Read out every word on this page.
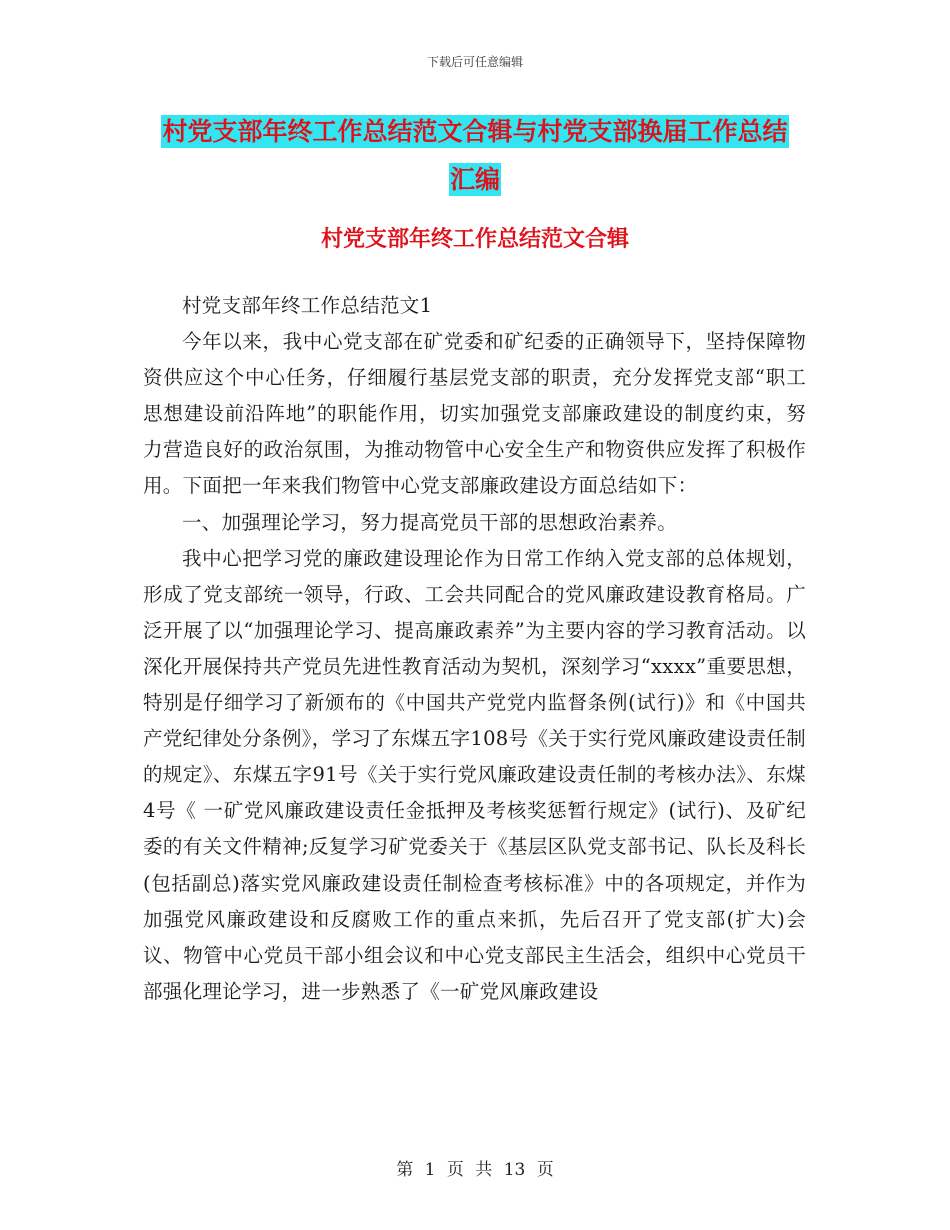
下载后可任意编辑
村党支部年终工作总结范文合辑与村党支部换届工作总结汇编
村党支部年终工作总结范文合辑

村党支部年终工作总结范文1

今年以来，我中心党支部在矿党委和矿纪委的正确领导下，坚持保障物资供应这个中心任务，仔细履行基层党支部的职责，充分发挥党支部“职工思想建设前沿阵地”的职能作用，切实加强党支部廉政建设的制度约束，努力营造良好的政治氛围，为推动物管中心安全生产和物资供应发挥了积极作用。下面把一年来我们物管中心党支部廉政建设方面总结如下：

一、加强理论学习，努力提高党员干部的思想政治素养。

我中心把学习党的廉政建设理论作为日常工作纳入党支部的总体规划，形成了党支部统一领导，行政、工会共同配合的党风廉政建设教育格局。广泛开展了以“加强理论学习、提高廉政素养”为主要内容的学习教育活动。以深化开展保持共产党员先进性教育活动为契机，深刻学习“xxxx”重要思想，特别是仔细学习了新颁布的《中国共产党党内监督条例(试行)》和《中国共产党纪律处分条例》，学习了东煤五字108号《关于实行党风廉政建设责任制的规定》、东煤五字91号《关于实行党风廉政建设责任制的考核办法》、东煤 4号《 一矿党风廉政建设责任金抵押及考核奖惩暂行规定》(试行)、及矿纪委的有关文件精神;反复学习矿党委关于《基层区队党支部书记、队长及科长(包括副总)落实党风廉政建设责任制检查考核标准》中的各项规定，并作为加强党风廉政建设和反腐败工作的重点来抓，先后召开了党支部(扩大)会议、物管中心党员干部小组会议和中心党支部民主生活会，组织中心党员干部强化理论学习，进一步熟悉了《一矿党风廉政建设

第 1 页 共 13 页
